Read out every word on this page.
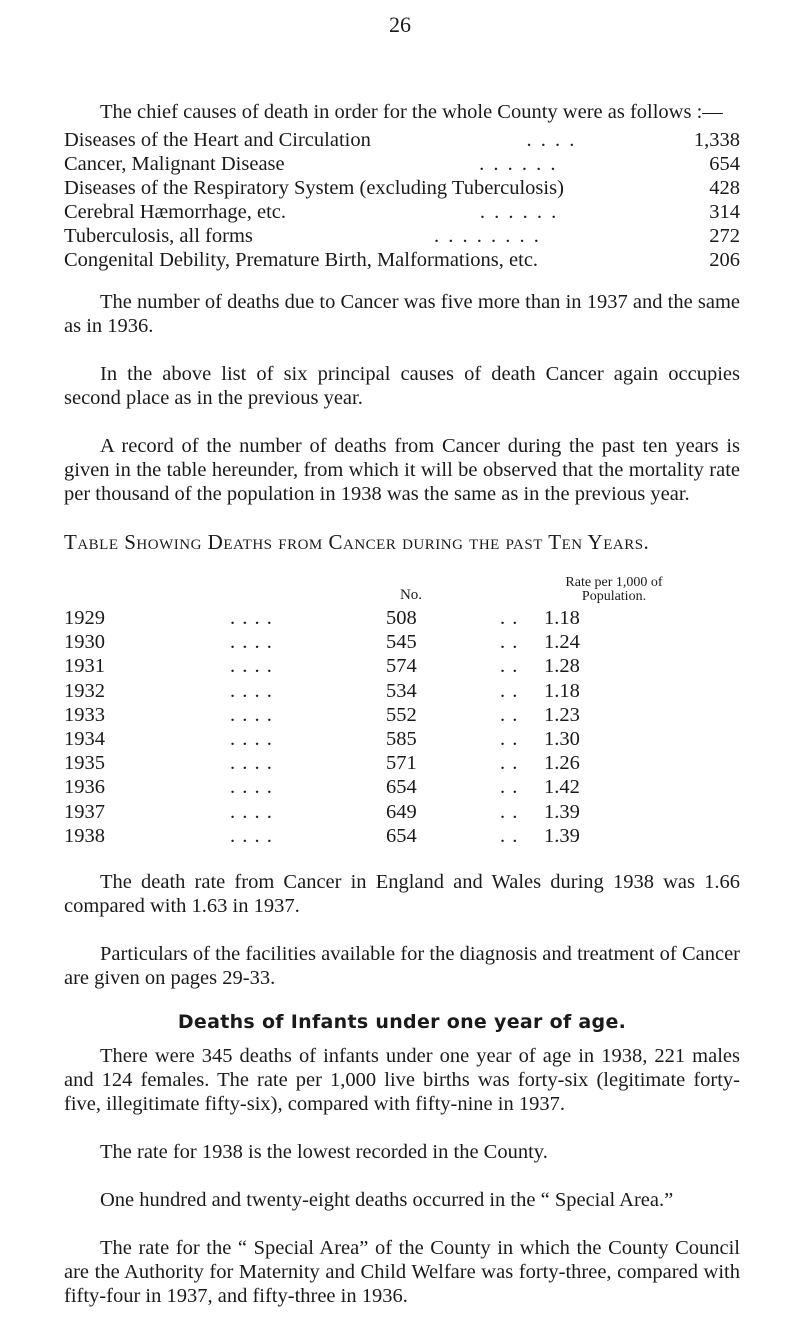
26

The chief causes of death in order for the whole County were as follows :—

Diseases of the Heart and Circulation	. . . .	1,338
Cancer, Malignant Disease	. . . . . .	654
Diseases of the Respiratory System (excluding Tuberculosis)	428
Cerebral Hæmorrhage, etc.	. . . . . .	314
Tuberculosis, all forms	. . . . . . . .	272
Congenital Debility, Premature Birth, Malformations, etc.	206

The number of deaths due to Cancer was five more than in 1937 and the same as in 1936.

In the above list of six principal causes of death Cancer again occupies second place as in the previous year.

A record of the number of deaths from Cancer during the past ten years is given in the table hereunder, from which it will be observed that the mortality rate per thousand of the population in 1938 was the same as in the previous year.

Table Showing Deaths from Cancer during the past Ten Years.
No.
Rate per 1,000 of
Population.
1929	. . . .	508	. . 1.18
1930	. . . .	545	. . 1.24
1931	. . . .	574	. . 1.28
1932	. . . .	534	. . 1.18
1933	. . . .	552	. . 1.23
1934	. . . .	585	. . 1.30
1935	. . . .	571	. . 1.26
1936	. . . .	654	. . 1.42
1937	. . . .	649	. . 1.39
1938	. . . .	654	. . 1.39

The death rate from Cancer in England and Wales during 1938 was 1.66 compared with 1.63 in 1937.

Particulars of the facilities available for the diagnosis and treatment of Cancer are given on pages 29-33.

Deaths of Infants under one year of age.

There were 345 deaths of infants under one year of age in 1938, 221 males and 124 females. The rate per 1,000 live births was forty-six (legitimate forty-five, illegitimate fifty-six), compared with fifty-nine in 1937.

The rate for 1938 is the lowest recorded in the County.

One hundred and twenty-eight deaths occurred in the “ Special Area.”

The rate for the “ Special Area” of the County in which the County Council are the Authority for Maternity and Child Welfare was forty-three, compared with fifty-four in 1937, and fifty-three in 1936.
